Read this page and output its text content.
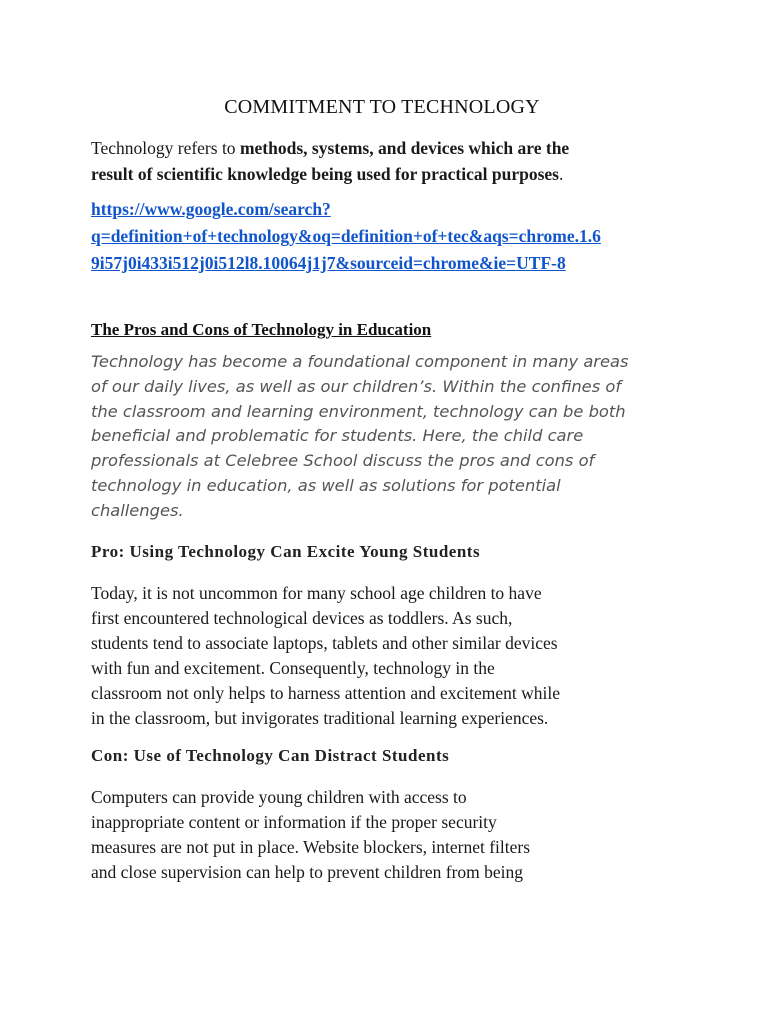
COMMITMENT TO TECHNOLOGY
Technology refers to methods, systems, and devices which are the
result of scientific knowledge being used for practical purposes.
https://www.google.com/search?
q=definition+of+technology&oq=definition+of+tec&aqs=chrome.1.6
9i57j0i433i512j0i512l8.10064j1j7&sourceid=chrome&ie=UTF-8
The Pros and Cons of Technology in Education
Technology has become a foundational component in many areas
of our daily lives, as well as our children’s. Within the confines of
the classroom and learning environment, technology can be both
beneficial and problematic for students. Here, the child care
professionals at Celebree School discuss the pros and cons of
technology in education, as well as solutions for potential
challenges.
Pro: Using Technology Can Excite Young Students
Today, it is not uncommon for many school age children to have
first encountered technological devices as toddlers. As such,
students tend to associate laptops, tablets and other similar devices
with fun and excitement. Consequently, technology in the
classroom not only helps to harness attention and excitement while
in the classroom, but invigorates traditional learning experiences.
Con: Use of Technology Can Distract Students
Computers can provide young children with access to
inappropriate content or information if the proper security
measures are not put in place. Website blockers, internet filters
and close supervision can help to prevent children from being
